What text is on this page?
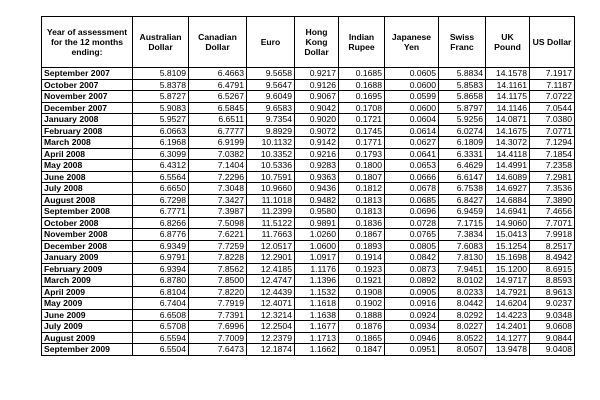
Year of assessment for the 12 months ending:	Australian Dollar	Canadian Dollar	Euro	Hong Kong Dollar	Indian Rupee	Japanese Yen	Swiss Franc	UK Pound	US Dollar
September 2007	5.8109	6.4663	9.5658	0.9217	0.1685	0.0605	5.8834	14.1578	7.1917
October 2007	5.8378	6.4791	9.5647	0.9126	0.1688	0.0600	5.8583	14.1161	7.1187
November 2007	5.8727	6.5267	9.6049	0.9067	0.1695	0.0599	5.8658	14.1175	7.0722
December 2007	5.9083	6.5845	9.6583	0.9042	0.1708	0.0600	5.8797	14.1146	7.0544
January 2008	5.9527	6.6511	9.7354	0.9020	0.1721	0.0604	5.9256	14.0871	7.0380
February 2008	6.0663	6.7777	9.8929	0.9072	0.1745	0.0614	6.0274	14.1675	7.0771
March 2008	6.1968	6.9199	10.1132	0.9142	0.1771	0.0627	6.1809	14.3072	7.1294
April 2008	6.3099	7.0382	10.3352	0.9216	0.1793	0.0641	6.3331	14.4118	7.1854
May 2008	6.4312	7.1404	10.5336	0.9283	0.1800	0.0653	6.4629	14.4991	7.2358
June 2008	6.5564	7.2296	10.7591	0.9363	0.1807	0.0666	6.6147	14.6089	7.2981
July 2008	6.6650	7.3048	10.9660	0.9436	0.1812	0.0678	6.7538	14.6927	7.3536
August 2008	6.7298	7.3427	11.1018	0.9482	0.1813	0.0685	6.8427	14.6884	7.3890
September 2008	6.7771	7.3987	11.2399	0.9580	0.1813	0.0696	6.9459	14.6941	7.4656
October 2008	6.8266	7.5098	11.5122	0.9891	0.1836	0.0728	7.1715	14.9060	7.7071
November 2008	6.8776	7.6221	11.7663	1.0260	0.1867	0.0765	7.3834	15.0413	7.9918
December 2008	6.9349	7.7259	12.0517	1.0600	0.1893	0.0805	7.6083	15.1254	8.2517
January 2009	6.9791	7.8228	12.2901	1.0917	0.1914	0.0842	7.8130	15.1698	8.4942
February 2009	6.9394	7.8562	12.4185	1.1176	0.1923	0.0873	7.9451	15.1200	8.6915
March 2009	6.8780	7.8500	12.4747	1.1396	0.1921	0.0892	8.0102	14.9717	8.8593
April 2009	6.8104	7.8220	12.4439	1.1532	0.1908	0.0905	8.0233	14.7921	8.9613
May 2009	6.7404	7.7919	12.4071	1.1618	0.1902	0.0916	8.0442	14.6204	9.0237
June 2009	6.6508	7.7391	12.3214	1.1638	0.1888	0.0924	8.0292	14.4223	9.0348
July 2009	6.5708	7.6996	12.2504	1.1677	0.1876	0.0934	8.0227	14.2401	9.0608
August 2009	6.5594	7.7009	12.2379	1.1713	0.1865	0.0946	8.0522	14.1277	9.0844
September 2009	6.5504	7.6473	12.1874	1.1662	0.1847	0.0951	8.0507	13.9478	9.0408
